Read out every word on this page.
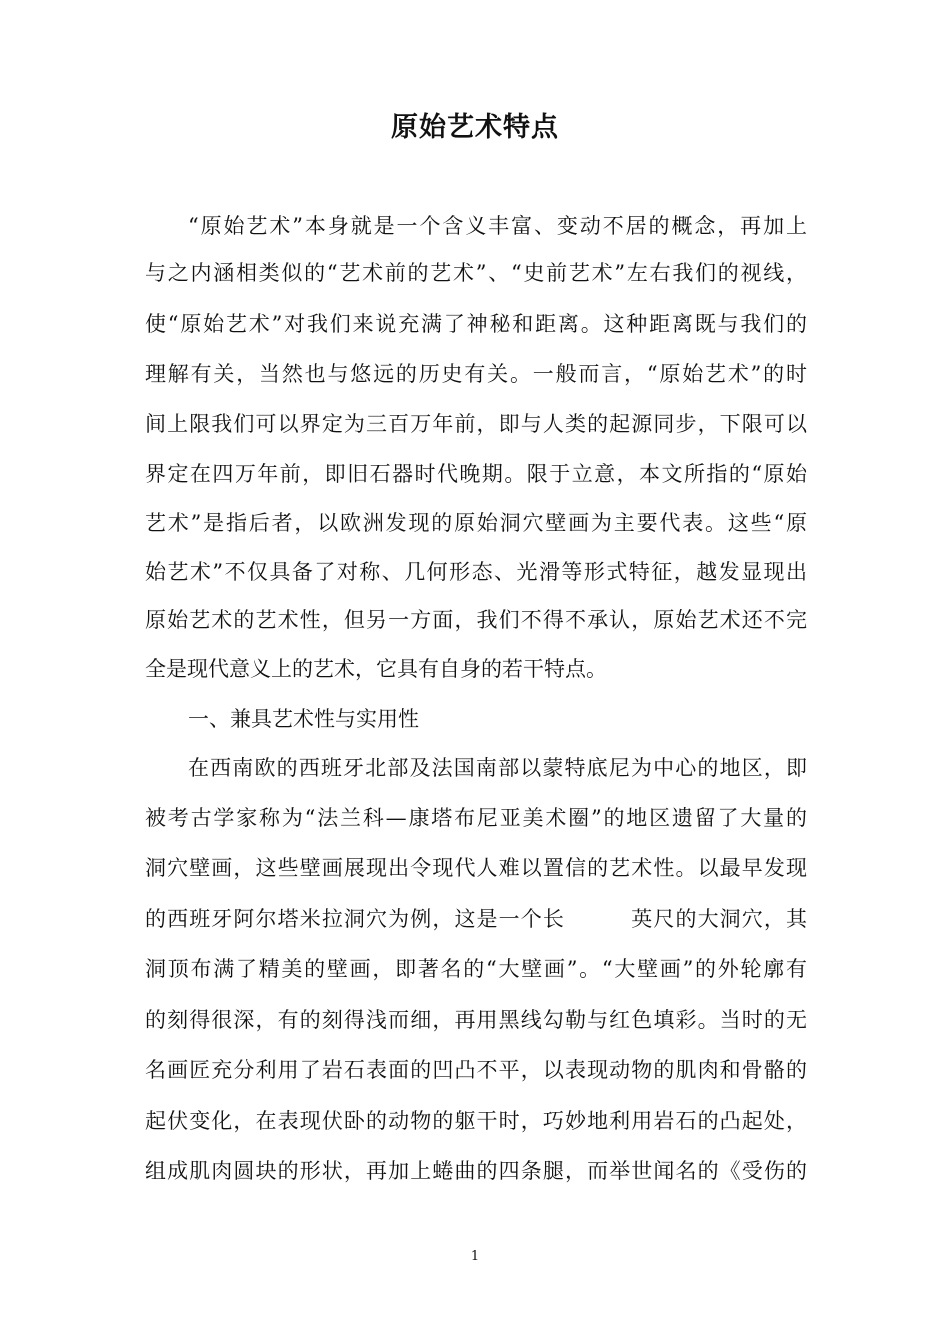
原始艺术特点
“原始艺术”本身就是一个含义丰富、变动不居的概念，再加上
与之内涵相类似的“艺术前的艺术”、“史前艺术”左右我们的视线，
使“原始艺术”对我们来说充满了神秘和距离。这种距离既与我们的
理解有关，当然也与悠远的历史有关。一般而言，“原始艺术”的时
间上限我们可以界定为三百万年前，即与人类的起源同步，下限可以
界定在四万年前，即旧石器时代晚期。限于立意，本文所指的“原始
艺术”是指后者，以欧洲发现的原始洞穴壁画为主要代表。这些“原
始艺术”不仅具备了对称、几何形态、光滑等形式特征，越发显现出
原始艺术的艺术性，但另一方面，我们不得不承认，原始艺术还不完
全是现代意义上的艺术，它具有自身的若干特点。
一、兼具艺术性与实用性
在西南欧的西班牙北部及法国南部以蒙特底尼为中心的地区，即
被考古学家称为“法兰科—康塔布尼亚美术圈”的地区遗留了大量的
洞穴壁画，这些壁画展现出令现代人难以置信的艺术性。以最早发现
的西班牙阿尔塔米拉洞穴为例，这是一个长　　　英尺的大洞穴，其
洞顶布满了精美的壁画，即著名的“大壁画”。“大壁画”的外轮廓有
的刻得很深，有的刻得浅而细，再用黑线勾勒与红色填彩。当时的无
名画匠充分利用了岩石表面的凹凸不平，以表现动物的肌肉和骨骼的
起伏变化，在表现伏卧的动物的躯干时，巧妙地利用岩石的凸起处，
组成肌肉圆块的形状，再加上蜷曲的四条腿，而举世闻名的《受伤的
1
